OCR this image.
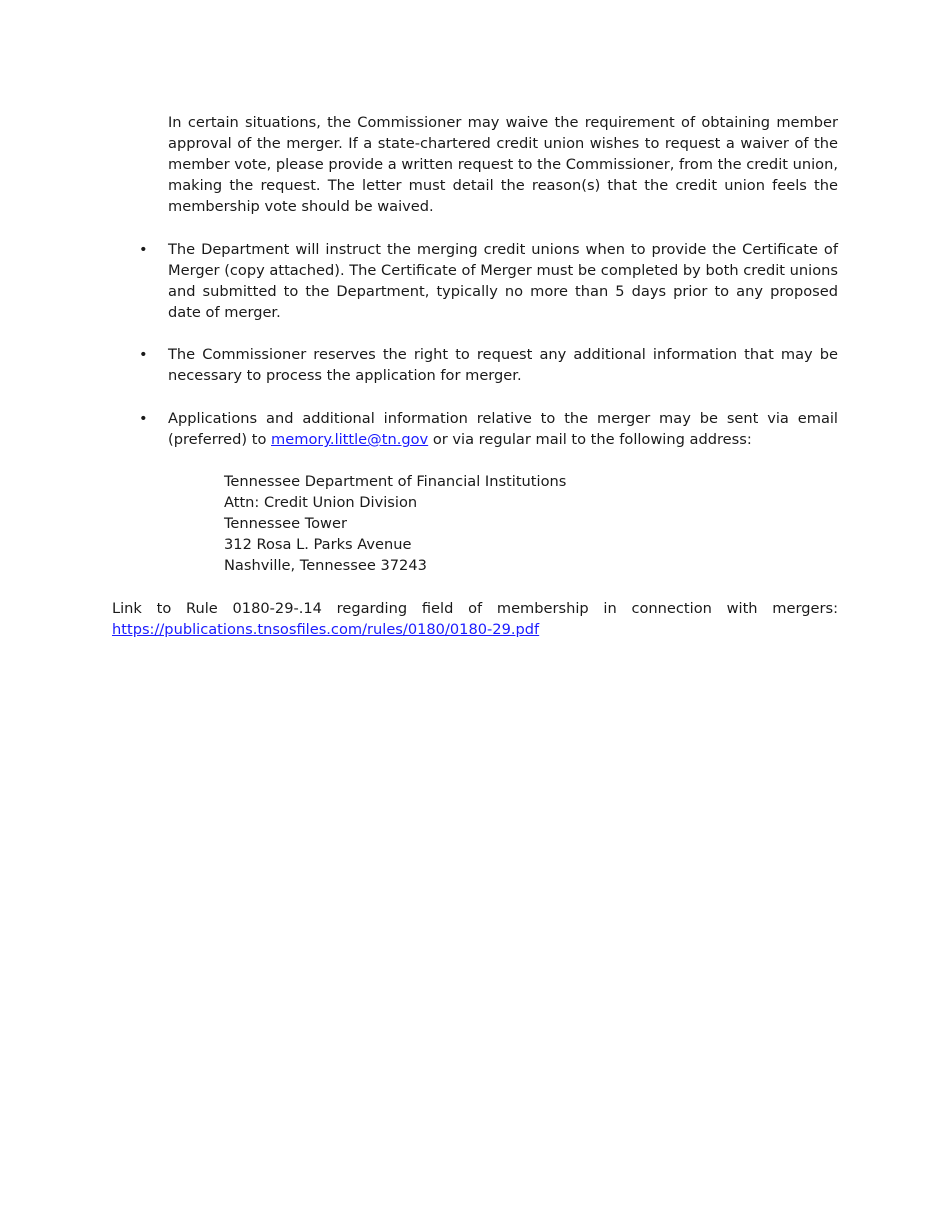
In certain situations, the Commissioner may waive the requirement of obtaining member approval of the merger. If a state-chartered credit union wishes to request a waiver of the member vote, please provide a written request to the Commissioner, from the credit union, making the request. The letter must detail the reason(s) that the credit union feels the membership vote should be waived.

• The Department will instruct the merging credit unions when to provide the Certificate of Merger (copy attached). The Certificate of Merger must be completed by both credit unions and submitted to the Department, typically no more than 5 days prior to any proposed date of merger.

• The Commissioner reserves the right to request any additional information that may be necessary to process the application for merger.

• Applications and additional information relative to the merger may be sent via email (preferred) to memory.little@tn.gov or via regular mail to the following address:

Tennessee Department of Financial Institutions
Attn: Credit Union Division
Tennessee Tower
312 Rosa L. Parks Avenue
Nashville, Tennessee 37243

Link to Rule 0180-29-.14 regarding field of membership in connection with mergers:

https://publications.tnsosfiles.com/rules/0180/0180-29.pdf
